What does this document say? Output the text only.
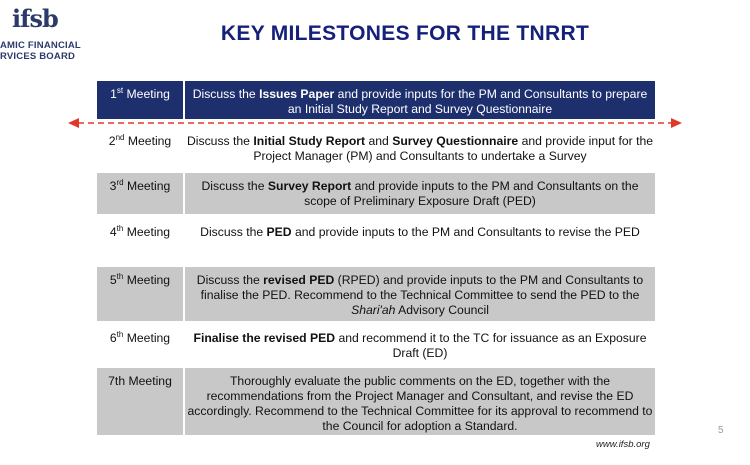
ifsb
AMIC FINANCIAL
RVICES BOARD
KEY MILESTONES FOR THE TNRRT
1st Meeting	Discuss the Issues Paper and provide inputs for the PM and Consultants to prepare an Initial Study Report and Survey Questionnaire
2nd Meeting	Discuss the Initial Study Report and Survey Questionnaire and provide input for the Project Manager (PM) and Consultants to undertake a Survey
3rd Meeting	Discuss the Survey Report and provide inputs to the PM and Consultants on the scope of Preliminary Exposure Draft (PED)
4th Meeting	Discuss the PED and provide inputs to the PM and Consultants to revise the PED
5th Meeting	Discuss the revised PED (RPED) and provide inputs to the PM and Consultants to finalise the PED. Recommend to the Technical Committee to send the PED to the Shari'ah Advisory Council
6th Meeting	Finalise the revised PED and recommend it to the TC for issuance as an Exposure Draft (ED)
7th Meeting	Thoroughly evaluate the public comments on the ED, together with the recommendations from the Project Manager and Consultant, and revise the ED accordingly. Recommend to the Technical Committee for its approval to recommend to the Council for adoption a Standard.	5
www.ifsb.org
